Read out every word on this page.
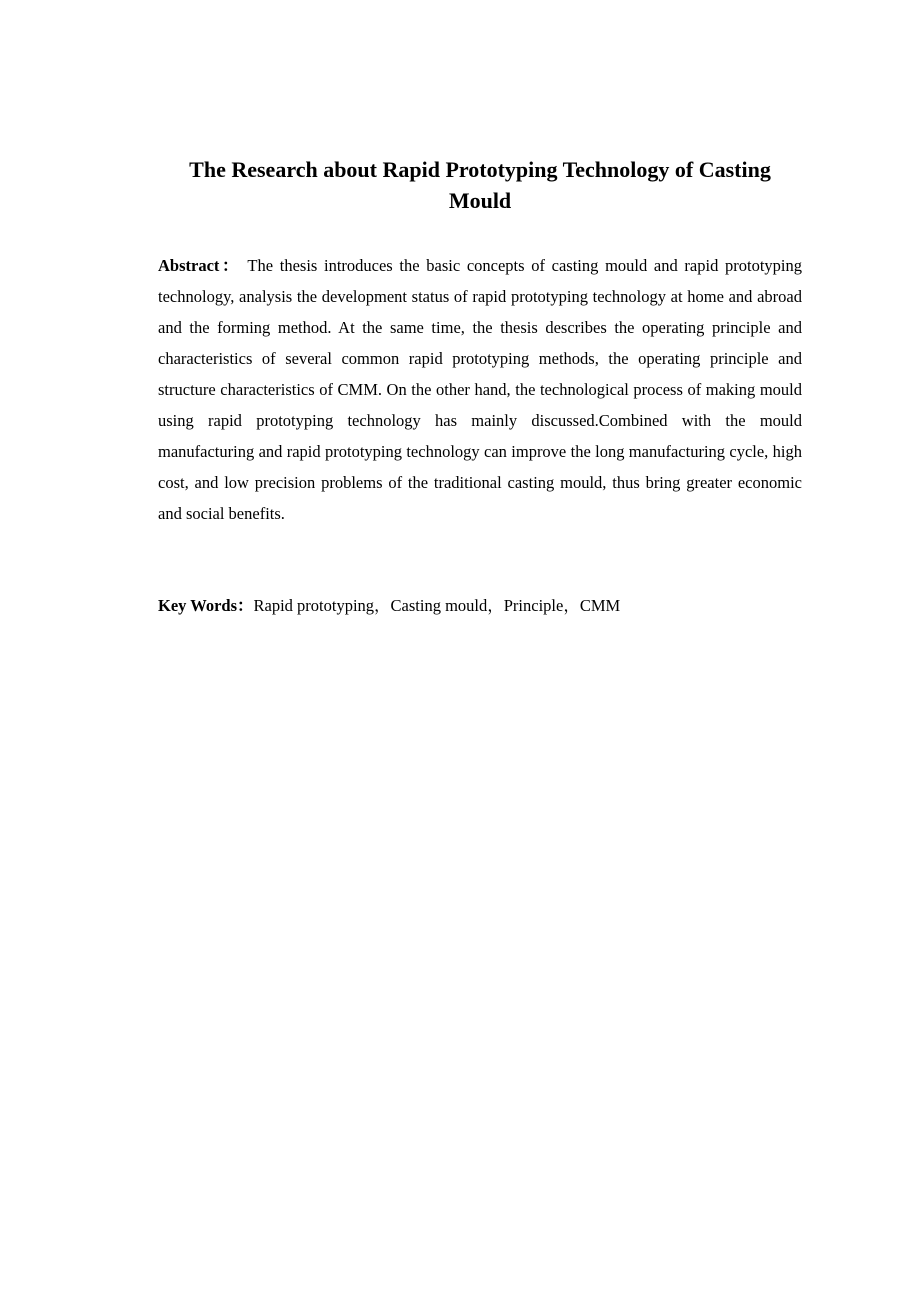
The Research about Rapid Prototyping Technology of Casting Mould

Abstract： The thesis introduces the basic concepts of casting mould and rapid prototyping technology, analysis the development status of rapid prototyping technology at home and abroad and the forming method. At the same time, the thesis describes the operating principle and characteristics of several common rapid prototyping methods, the operating principle and structure characteristics of CMM. On the other hand, the technological process of making mould using rapid prototyping technology has mainly discussed.Combined with the mould manufacturing and rapid prototyping technology can improve the long manufacturing cycle, high cost, and low precision problems of the traditional casting mould, thus bring greater economic and social benefits.

Key Words：Rapid prototyping，Casting mould，Principle，CMM
